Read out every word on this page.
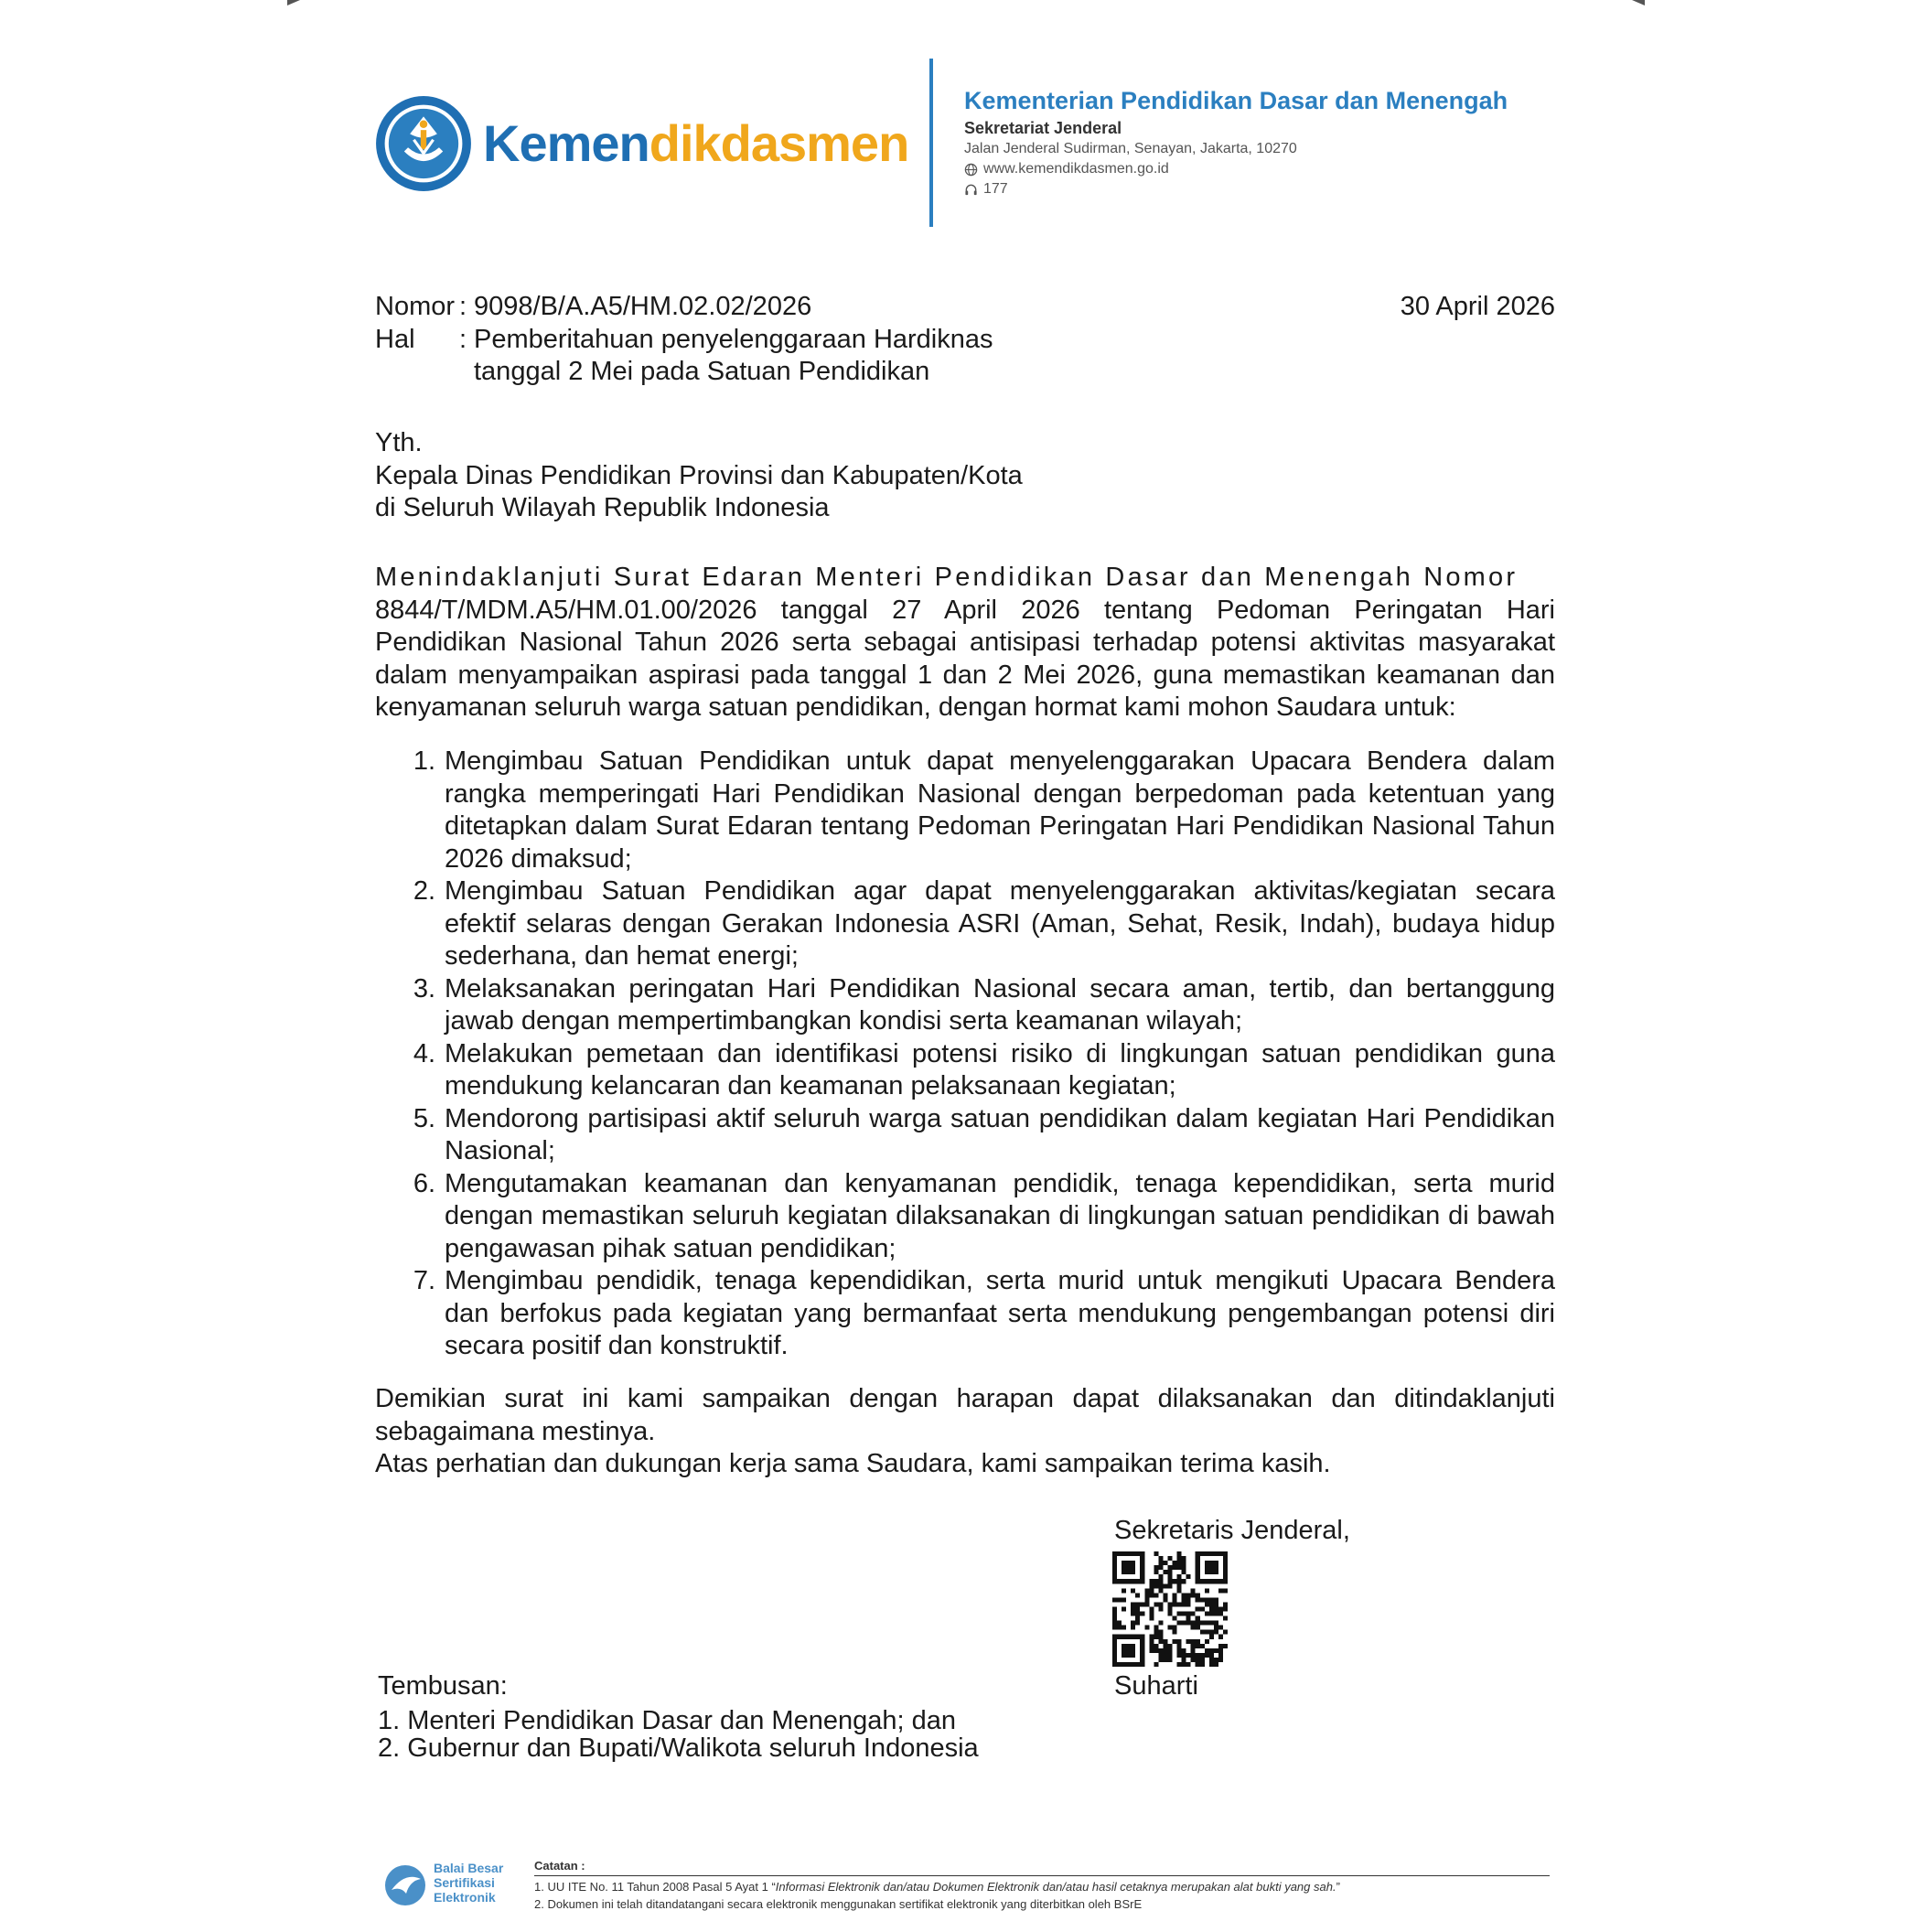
Kemendikdasmen
Kementerian Pendidikan Dasar dan Menengah
Sekretariat Jenderal
Jalan Jenderal Sudirman, Senayan, Jakarta, 10270
www.kemendikdasmen.go.id
177
Nomor : 9098/B/A.A5/HM.02.02/2026	30 April 2026
Hal	: Pemberitahuan penyelenggaraan Hardiknas
tanggal 2 Mei pada Satuan Pendidikan
Yth.
Kepala Dinas Pendidikan Provinsi dan Kabupaten/Kota
di Seluruh Wilayah Republik Indonesia
Menindaklanjuti Surat Edaran Menteri Pendidikan Dasar dan Menengah Nomor
8844/T/MDM.A5/HM.01.00/2026 tanggal 27 April 2026 tentang Pedoman Peringatan Hari Pendidikan Nasional Tahun 2026 serta sebagai antisipasi terhadap potensi aktivitas masyarakat dalam menyampaikan aspirasi pada tanggal 1 dan 2 Mei 2026, guna memastikan keamanan dan kenyamanan seluruh warga satuan pendidikan, dengan hormat kami mohon Saudara untuk:
1. Mengimbau Satuan Pendidikan untuk dapat menyelenggarakan Upacara Bendera dalam rangka memperingati Hari Pendidikan Nasional dengan berpedoman pada ketentuan yang ditetapkan dalam Surat Edaran tentang Pedoman Peringatan Hari Pendidikan Nasional Tahun 2026 dimaksud;
2. Mengimbau Satuan Pendidikan agar dapat menyelenggarakan aktivitas/kegiatan secara efektif selaras dengan Gerakan Indonesia ASRI (Aman, Sehat, Resik, Indah), budaya hidup sederhana, dan hemat energi;
3. Melaksanakan peringatan Hari Pendidikan Nasional secara aman, tertib, dan bertanggung jawab dengan mempertimbangkan kondisi serta keamanan wilayah;
4. Melakukan pemetaan dan identifikasi potensi risiko di lingkungan satuan pendidikan guna mendukung kelancaran dan keamanan pelaksanaan kegiatan;
5. Mendorong partisipasi aktif seluruh warga satuan pendidikan dalam kegiatan Hari Pendidikan Nasional;
6. Mengutamakan keamanan dan kenyamanan pendidik, tenaga kependidikan, serta murid dengan memastikan seluruh kegiatan dilaksanakan di lingkungan satuan pendidikan di bawah pengawasan pihak satuan pendidikan;
7. Mengimbau pendidik, tenaga kependidikan, serta murid untuk mengikuti Upacara Bendera dan berfokus pada kegiatan yang bermanfaat serta mendukung pengembangan potensi diri secara positif dan konstruktif.
Demikian surat ini kami sampaikan dengan harapan dapat dilaksanakan dan ditindaklanjuti sebagaimana mestinya.
Atas perhatian dan dukungan kerja sama Saudara, kami sampaikan terima kasih.
Sekretaris Jenderal,
Suharti
Tembusan:
1. Menteri Pendidikan Dasar dan Menengah; dan
2. Gubernur dan Bupati/Walikota seluruh Indonesia
Balai Besar
Sertifikasi
Elektronik
Catatan :
1. UU ITE No. 11 Tahun 2008 Pasal 5 Ayat 1 “Informasi Elektronik dan/atau Dokumen Elektronik dan/atau hasil cetaknya merupakan alat bukti yang sah.”
2. Dokumen ini telah ditandatangani secara elektronik menggunakan sertifikat elektronik yang diterbitkan oleh BSrE
